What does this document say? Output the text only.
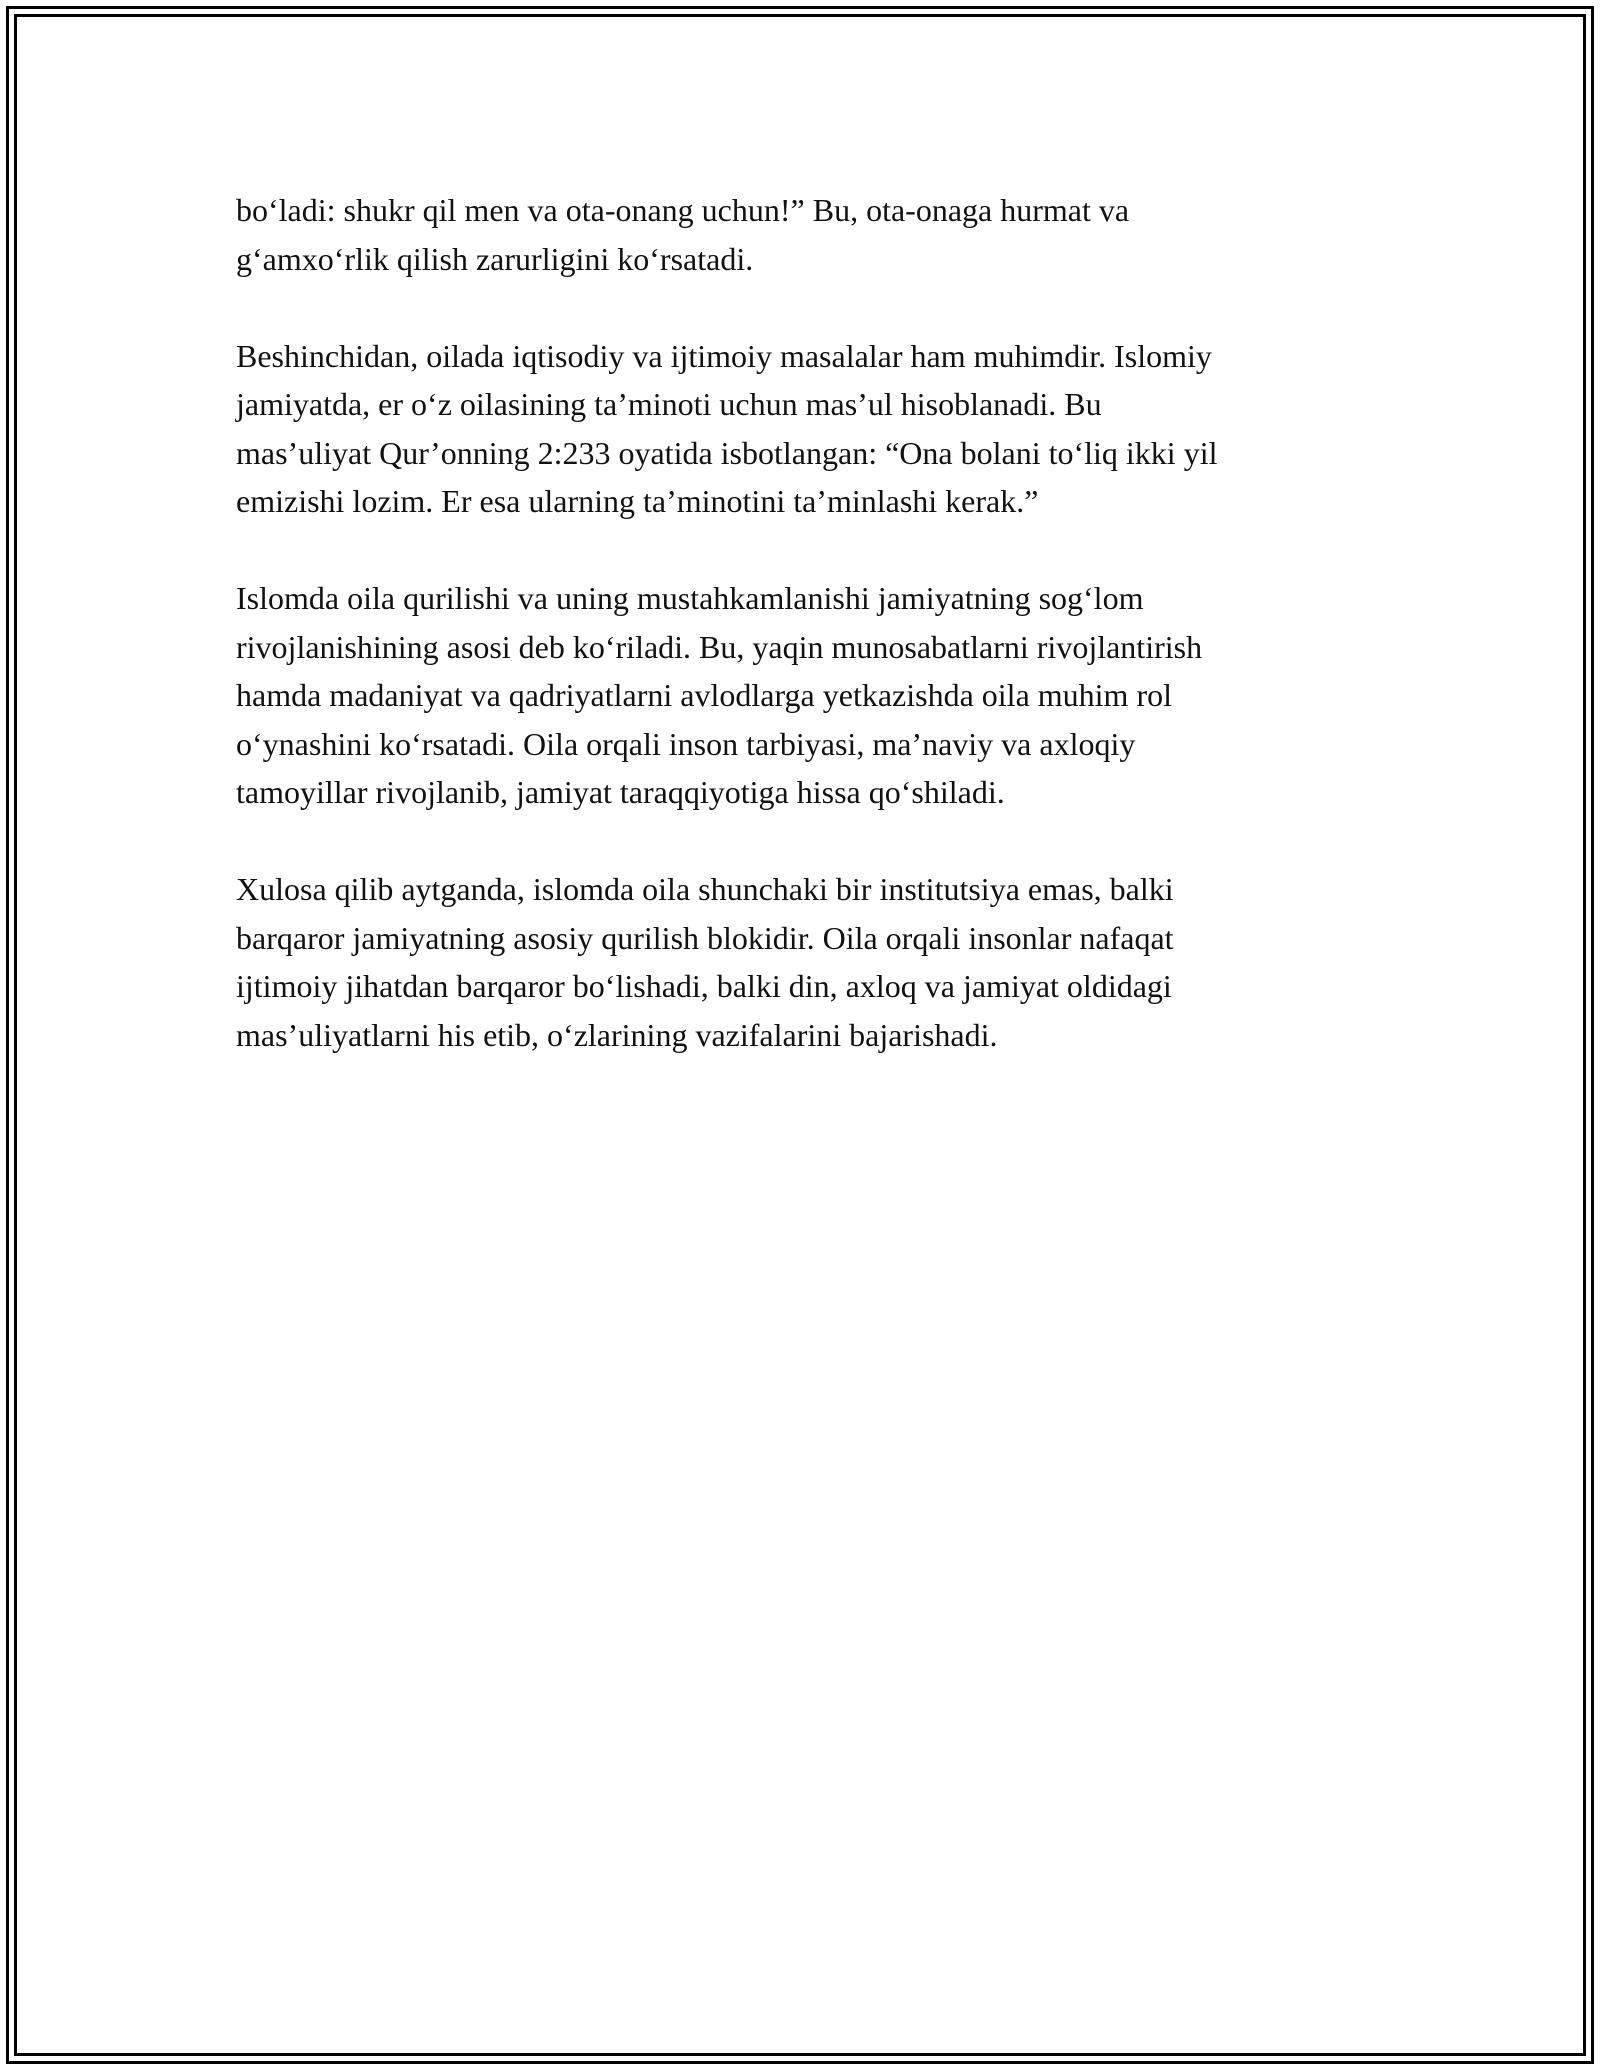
bo‘ladi: shukr qil men va ota-onang uchun!” Bu, ota-onaga hurmat va
g‘amxo‘rlik qilish zarurligini ko‘rsatadi.

Beshinchidan, oilada iqtisodiy va ijtimoiy masalalar ham muhimdir. Islomiy
jamiyatda, er o‘z oilasining ta’minoti uchun mas’ul hisoblanadi. Bu
mas’uliyat Qur’onning 2:233 oyatida isbotlangan: “Ona bolani to‘liq ikki yil
emizishi lozim. Er esa ularning ta’minotini ta’minlashi kerak.”

Islomda oila qurilishi va uning mustahkamlanishi jamiyatning sog‘lom
rivojlanishining asosi deb ko‘riladi. Bu, yaqin munosabatlarni rivojlantirish
hamda madaniyat va qadriyatlarni avlodlarga yetkazishda oila muhim rol
o‘ynashini ko‘rsatadi. Oila orqali inson tarbiyasi, ma’naviy va axloqiy
tamoyillar rivojlanib, jamiyat taraqqiyotiga hissa qo‘shiladi.

Xulosa qilib aytganda, islomda oila shunchaki bir institutsiya emas, balki
barqaror jamiyatning asosiy qurilish blokidir. Oila orqali insonlar nafaqat
ijtimoiy jihatdan barqaror bo‘lishadi, balki din, axloq va jamiyat oldidagi
mas’uliyatlarni his etib, o‘zlarining vazifalarini bajarishadi.
